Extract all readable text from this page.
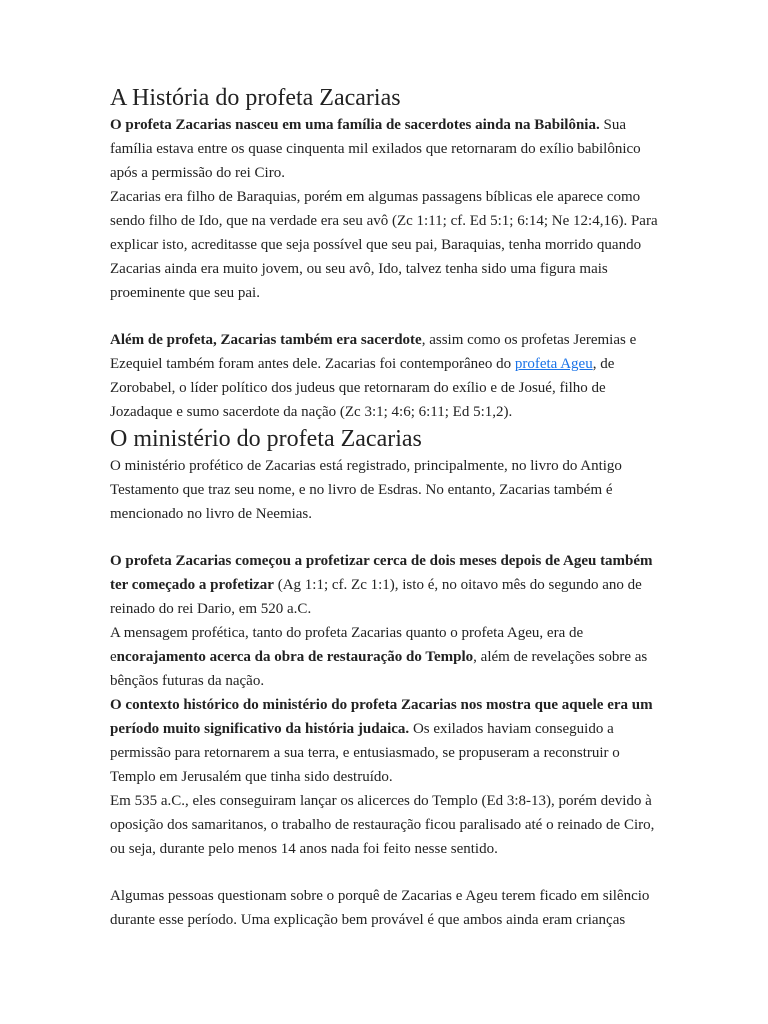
A História do profeta Zacarias

O profeta Zacarias nasceu em uma família de sacerdotes ainda na Babilônia. Sua família estava entre os quase cinquenta mil exilados que retornaram do exílio babilônico após a permissão do rei Ciro.

Zacarias era filho de Baraquias, porém em algumas passagens bíblicas ele aparece como sendo filho de Ido, que na verdade era seu avô (Zc 1:11; cf. Ed 5:1; 6:14; Ne 12:4,16). Para explicar isto, acreditasse que seja possível que seu pai, Baraquias, tenha morrido quando Zacarias ainda era muito jovem, ou seu avô, Ido, talvez tenha sido uma figura mais proeminente que seu pai.

Além de profeta, Zacarias também era sacerdote, assim como os profetas Jeremias e Ezequiel também foram antes dele. Zacarias foi contemporâneo do profeta Ageu, de Zorobabel, o líder político dos judeus que retornaram do exílio e de Josué, filho de Jozadaque e sumo sacerdote da nação (Zc 3:1; 4:6; 6:11; Ed 5:1,2).

O ministério do profeta Zacarias

O ministério profético de Zacarias está registrado, principalmente, no livro do Antigo Testamento que traz seu nome, e no livro de Esdras. No entanto, Zacarias também é mencionado no livro de Neemias.

O profeta Zacarias começou a profetizar cerca de dois meses depois de Ageu também ter começado a profetizar (Ag 1:1; cf. Zc 1:1), isto é, no oitavo mês do segundo ano de reinado do rei Dario, em 520 a.C.

A mensagem profética, tanto do profeta Zacarias quanto o profeta Ageu, era de encorajamento acerca da obra de restauração do Templo, além de revelações sobre as bênçãos futuras da nação.

O contexto histórico do ministério do profeta Zacarias nos mostra que aquele era um período muito significativo da história judaica. Os exilados haviam conseguido a permissão para retornarem a sua terra, e entusiasmado, se propuseram a reconstruir o Templo em Jerusalém que tinha sido destruído.

Em 535 a.C., eles conseguiram lançar os alicerces do Templo (Ed 3:8-13), porém devido à oposição dos samaritanos, o trabalho de restauração ficou paralisado até o reinado de Ciro, ou seja, durante pelo menos 14 anos nada foi feito nesse sentido.

Algumas pessoas questionam sobre o porquê de Zacarias e Ageu terem ficado em silêncio durante esse período. Uma explicação bem provável é que ambos ainda eram crianças
